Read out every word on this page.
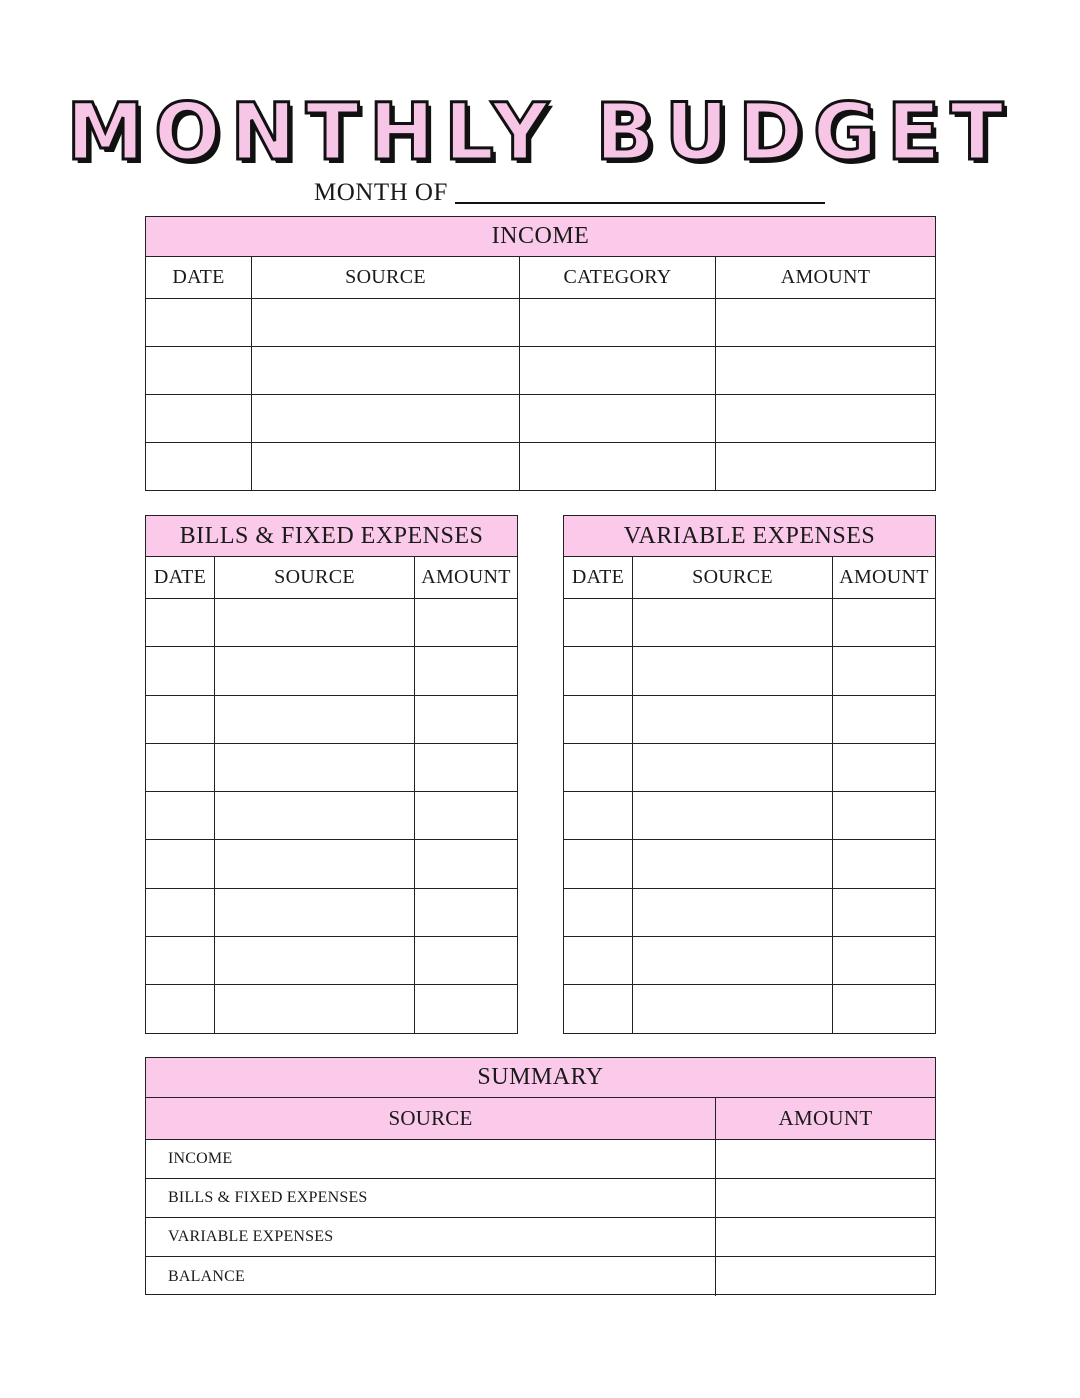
MONTHLY BUDGET
MONTH OF
INCOME
DATE	SOURCE	CATEGORY	AMOUNT
BILLS & FIXED EXPENSES
DATE	SOURCE	AMOUNT
VARIABLE EXPENSES
DATE	SOURCE	AMOUNT
SUMMARY
SOURCE	AMOUNT
INCOME
BILLS & FIXED EXPENSES
VARIABLE EXPENSES
BALANCE
